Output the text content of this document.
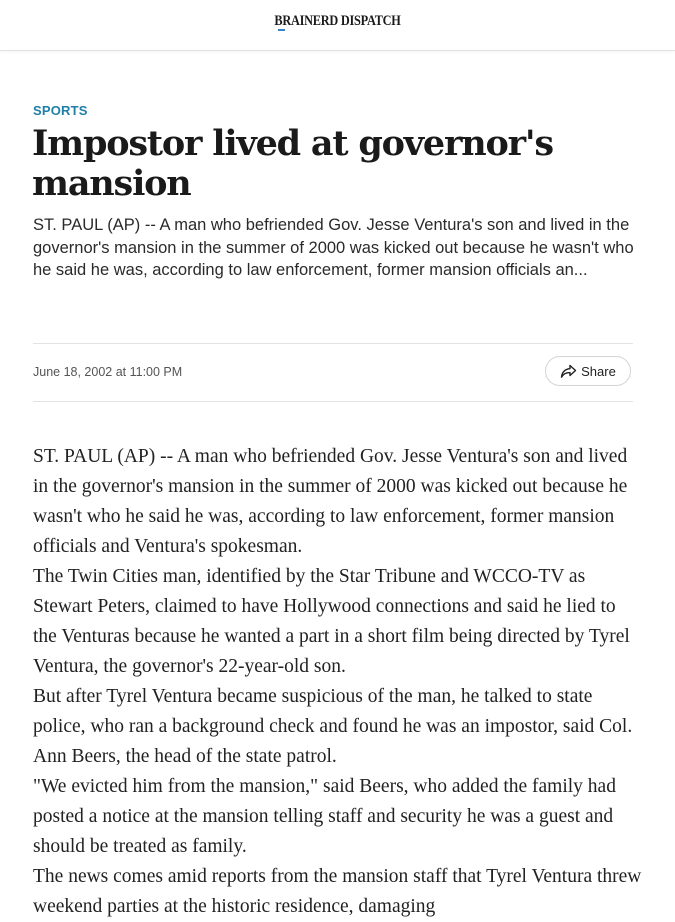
BRAINERD DISPATCH
SPORTS
Impostor lived at governor's mansion

ST. PAUL (AP) -- A man who befriended Gov. Jesse Ventura's son and lived in the governor's mansion in the summer of 2000 was kicked out because he wasn't who he said he was, according to law enforcement, former mansion officials an...

June 18, 2002 at 11:00 PM	Share

ST. PAUL (AP) -- A man who befriended Gov. Jesse Ventura's son and lived in the governor's mansion in the summer of 2000 was kicked out because he wasn't who he said he was, according to law enforcement, former mansion officials and Ventura's spokesman.

The Twin Cities man, identified by the Star Tribune and WCCO-TV as Stewart Peters, claimed to have Hollywood connections and said he lied to the Venturas because he wanted a part in a short film being directed by Tyrel Ventura, the governor's 22-year-old son.

But after Tyrel Ventura became suspicious of the man, he talked to state police, who ran a background check and found he was an impostor, said Col. Ann Beers, the head of the state patrol.

"We evicted him from the mansion," said Beers, who added the family had posted a notice at the mansion telling staff and security he was a guest and should be treated as family.

The news comes amid reports from the mansion staff that Tyrel Ventura threw weekend parties at the historic residence, damaging
